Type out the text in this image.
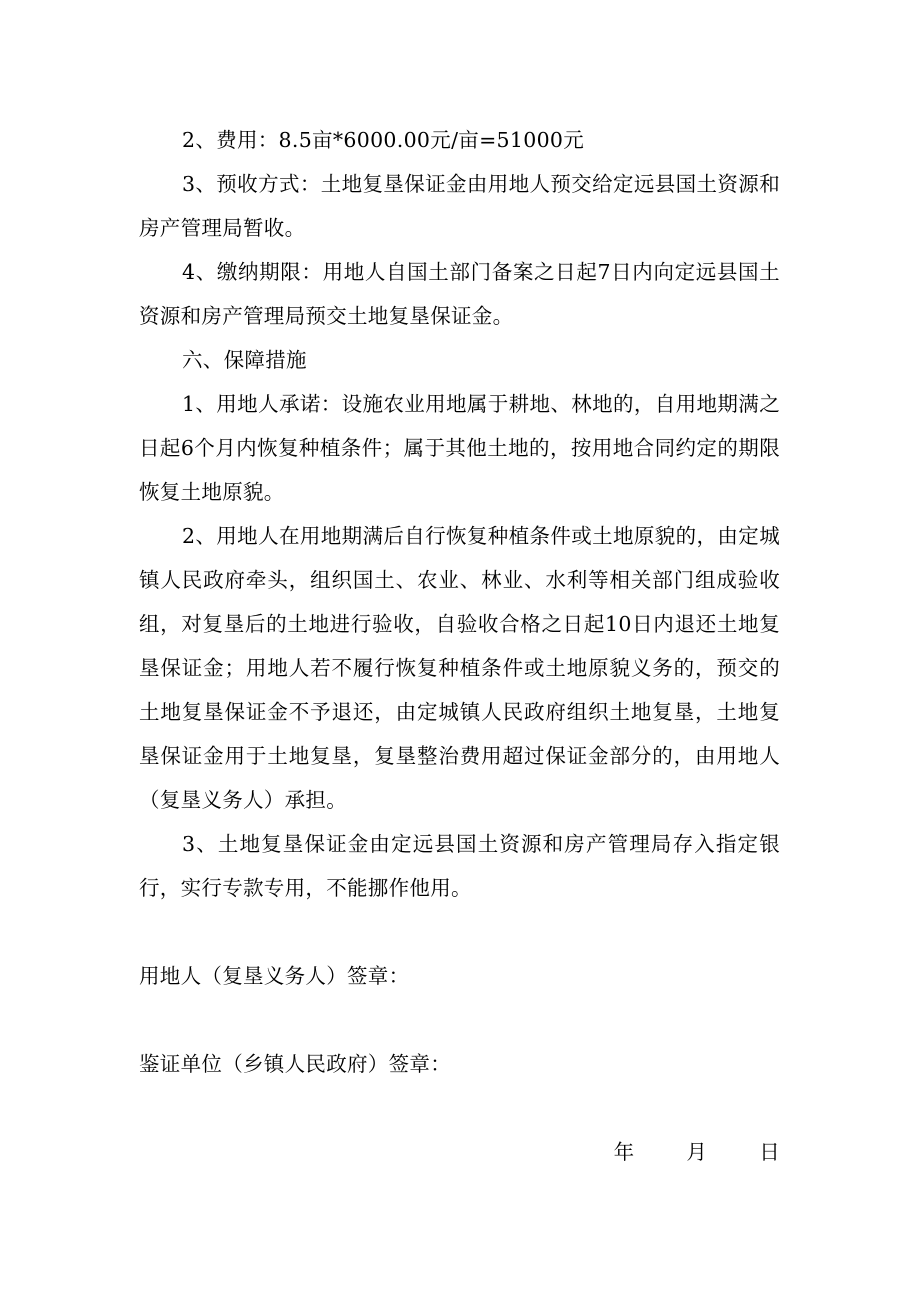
2、费用：8.5亩*6000.00元/亩=51000元

3、预收方式：土地复垦保证金由用地人预交给定远县国土资源和房产管理局暂收。

4、缴纳期限：用地人自国土部门备案之日起7日内向定远县国土资源和房产管理局预交土地复垦保证金。

六、保障措施

1、用地人承诺：设施农业用地属于耕地、林地的，自用地期满之日起6个月内恢复种植条件；属于其他土地的，按用地合同约定的期限恢复土地原貌。

2、用地人在用地期满后自行恢复种植条件或土地原貌的，由定城镇人民政府牵头，组织国土、农业、林业、水利等相关部门组成验收组，对复垦后的土地进行验收，自验收合格之日起10日内退还土地复垦保证金；用地人若不履行恢复种植条件或土地原貌义务的，预交的土地复垦保证金不予退还，由定城镇人民政府组织土地复垦，土地复垦保证金用于土地复垦，复垦整治费用超过保证金部分的，由用地人（复垦义务人）承担。

3、土地复垦保证金由定远县国土资源和房产管理局存入指定银行，实行专款专用，不能挪作他用。

用地人（复垦义务人）签章：

鉴证单位（乡镇人民政府）签章：

年	月	日
